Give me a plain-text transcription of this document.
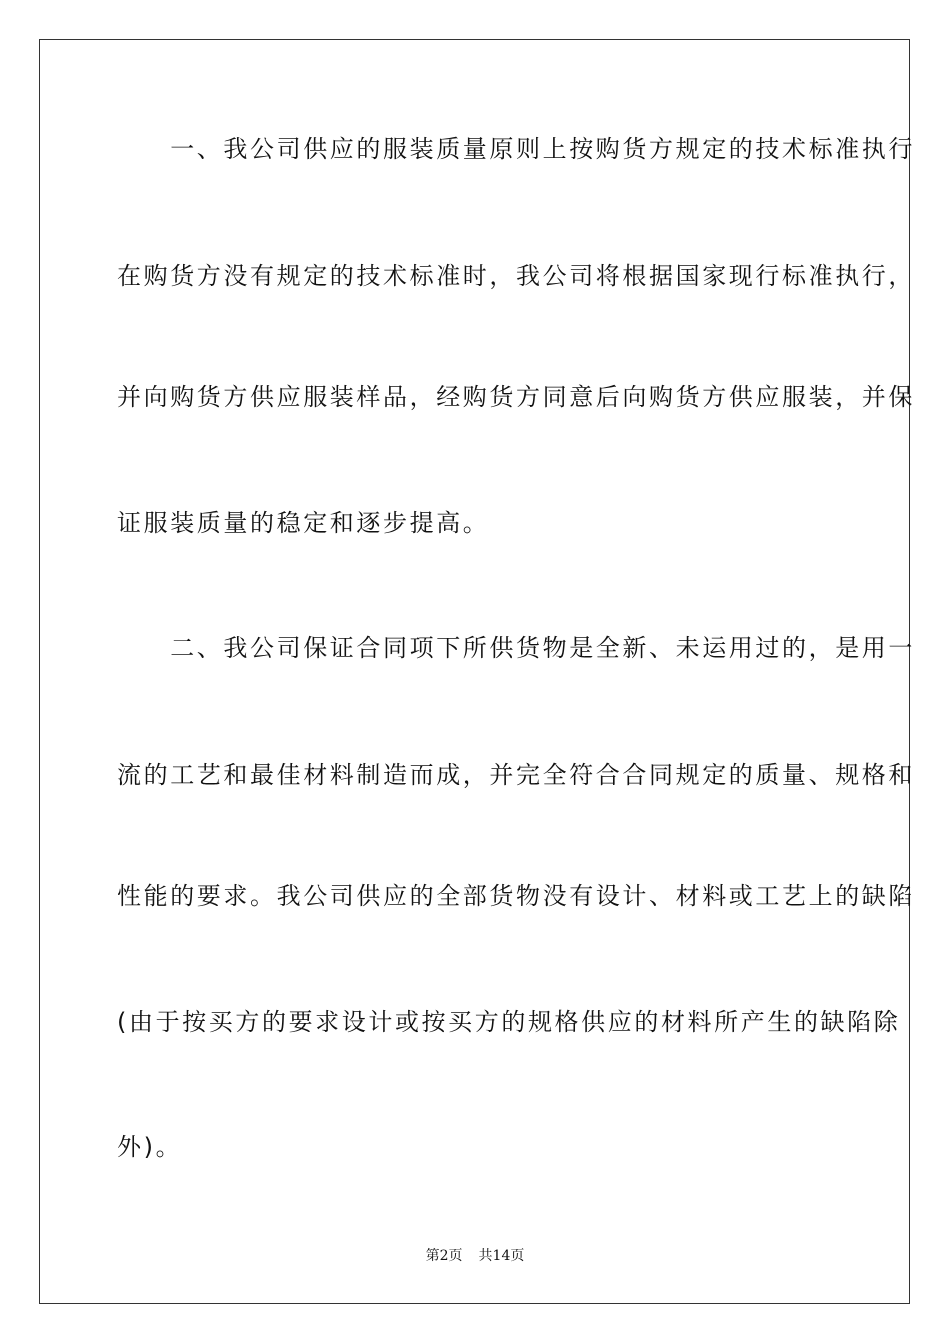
　　一、我公司供应的服装质量原则上按购货方规定的技术标准执行
在购货方没有规定的技术标准时，我公司将根据国家现行标准执行，
并向购货方供应服装样品，经购货方同意后向购货方供应服装，并保
证服装质量的稳定和逐步提高。
　　二、我公司保证合同项下所供货物是全新、未运用过的，是用一
流的工艺和最佳材料制造而成，并完全符合合同规定的质量、规格和
性能的要求。我公司供应的全部货物没有设计、材料或工艺上的缺陷
(由于按买方的要求设计或按买方的规格供应的材料所产生的缺陷除
外)。
第2页 共14页
